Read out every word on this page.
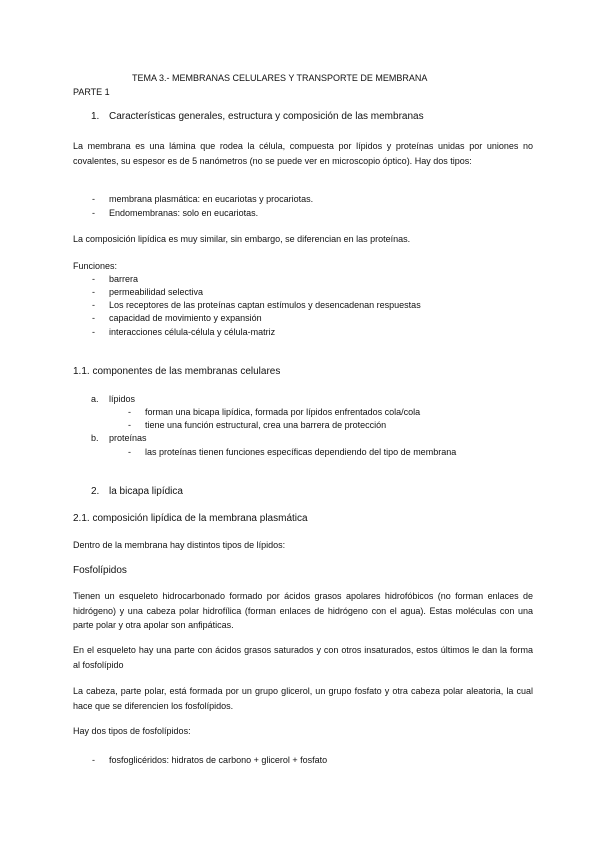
TEMA 3.- MEMBRANAS CELULARES Y TRANSPORTE DE MEMBRANA
PARTE 1
1. Características generales, estructura y composición de las membranas
La membrana es una lámina que rodea la célula, compuesta por lípidos y proteínas unidas por uniones no covalentes, su espesor es de 5 nanómetros (no se puede ver en microscopio óptico). Hay dos tipos:
- membrana plasmática: en eucariotas y procariotas.
- Endomembranas: solo en eucariotas.
La composición lipídica es muy similar, sin embargo, se diferencian en las proteínas.
Funciones:
- barrera
- permeabilidad selectiva
- Los receptores de las proteínas captan estímulos y desencadenan respuestas
- capacidad de movimiento y expansión
- interacciones célula-célula y célula-matriz
1.1. componentes de las membranas celulares
a. lípidos
- forman una bicapa lipídica, formada por lípidos enfrentados cola/cola
- tiene una función estructural, crea una barrera de protección
b. proteínas
- las proteínas tienen funciones específicas dependiendo del tipo de membrana
2. la bicapa lipídica
2.1. composición lipídica de la membrana plasmática
Dentro de la membrana hay distintos tipos de lípidos:
Fosfolípidos
Tienen un esqueleto hidrocarbonado formado por ácidos grasos apolares hidrofóbicos (no forman enlaces de hidrógeno) y una cabeza polar hidrofílica (forman enlaces de hidrógeno con el agua). Estas moléculas con una parte polar y otra apolar son anfipáticas.
En el esqueleto hay una parte con ácidos grasos saturados y con otros insaturados, estos últimos le dan la forma al fosfolípido
La cabeza, parte polar, está formada por un grupo glicerol, un grupo fosfato y otra cabeza polar aleatoria, la cual hace que se diferencien los fosfolípidos.
Hay dos tipos de fosfolípidos:
- fosfoglicéridos: hidratos de carbono + glicerol + fosfato
